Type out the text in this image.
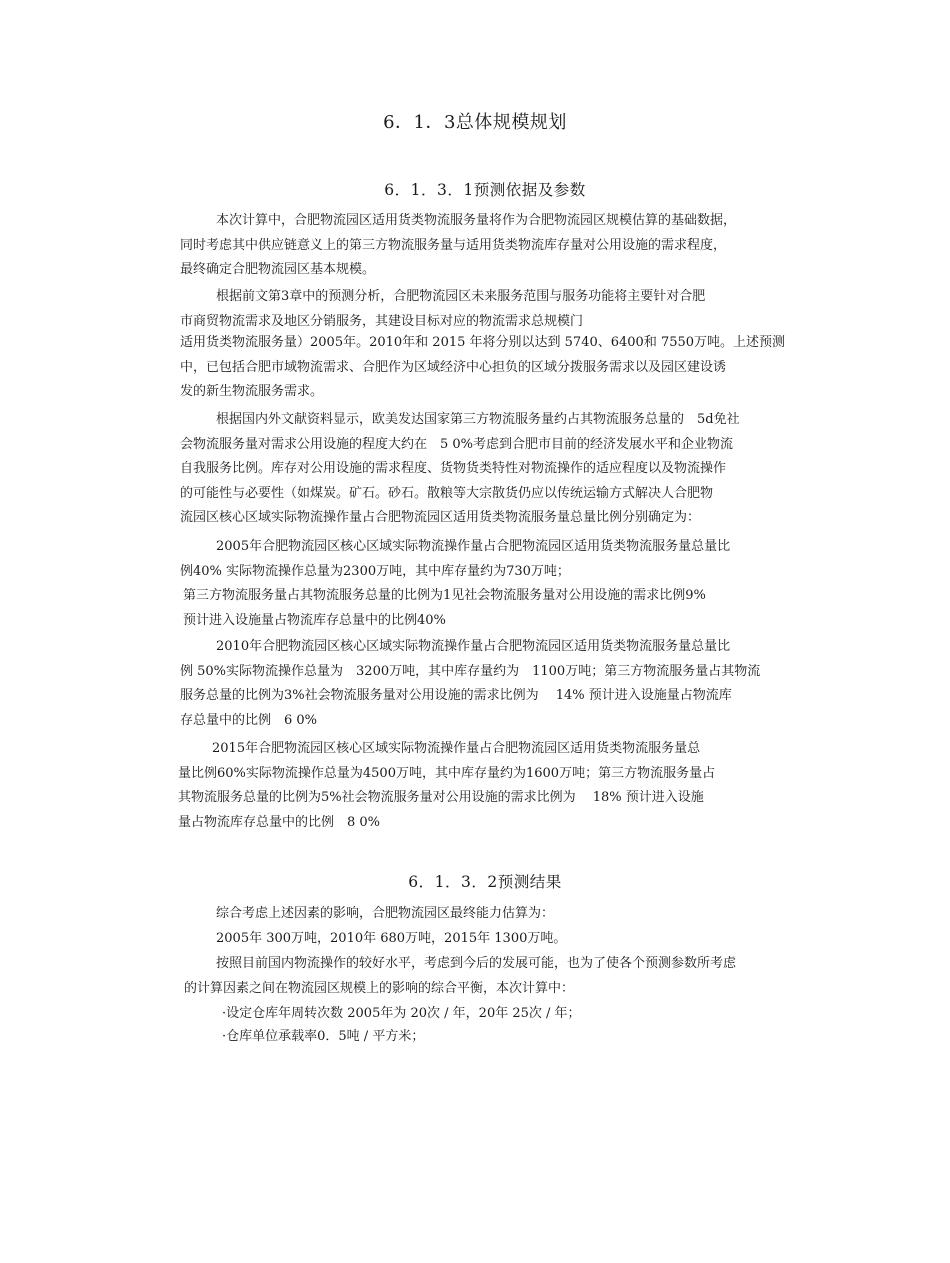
6．1．3总体规模规划
6．1．3．1预测依据及参数
本次计算中，合肥物流园区适用货类物流服务量将作为合肥物流园区规模估算的基础数据，
同时考虑其中供应链意义上的第三方物流服务量与适用货类物流库存量对公用设施的需求程度，
最终确定合肥物流园区基本规模。
根据前文第3章中的预测分析，合肥物流园区未来服务范围与服务功能将主要针对合肥
市商贸物流需求及地区分销服务，其建设目标对应的物流需求总规模门
适用货类物流服务量）2005年。2010年和 2015 年将分别以达到 5740、6400和 7550万吨。上述预测
中，已包括合肥市域物流需求、合肥作为区域经济中心担负的区域分拨服务需求以及园区建设诱
发的新生物流服务需求。
根据国内外文献资料显示，欧美发达国家第三方物流服务量约占其物流服务总量的　5d免社
会物流服务量对需求公用设施的程度大约在　5 0%考虑到合肥市目前的经济发展水平和企业物流
自我服务比例。库存对公用设施的需求程度、货物货类特性对物流操作的适应程度以及物流操作
的可能性与必要性（如煤炭。矿石。砂石。散粮等大宗散货仍应以传统运输方式解决人合肥物
流园区核心区域实际物流操作量占合肥物流园区适用货类物流服务量总量比例分别确定为：
2005年合肥物流园区核心区域实际物流操作量占合肥物流园区适用货类物流服务量总量比
例40% 实际物流操作总量为2300万吨，其中库存量约为730万吨；
第三方物流服务量占其物流服务总量的比例为1见社会物流服务量对公用设施的需求比例9%
预计进入设施量占物流库存总量中的比例40%
2010年合肥物流园区核心区域实际物流操作量占合肥物流园区适用货类物流服务量总量比
例 50%实际物流操作总量为　3200万吨，其中库存量约为　1100万吨；第三方物流服务量占其物流
服务总量的比例为3%社会物流服务量对公用设施的需求比例为　 14% 预计进入设施量占物流库
存总量中的比例　6 0%
2015年合肥物流园区核心区域实际物流操作量占合肥物流园区适用货类物流服务量总
量比例60%实际物流操作总量为4500万吨，其中库存量约为1600万吨；第三方物流服务量占
其物流服务总量的比例为5%社会物流服务量对公用设施的需求比例为　 18% 预计进入设施
量占物流库存总量中的比例　8 0%
6．1．3．2预测结果
综合考虑上述因素的影响，合肥物流园区最终能力估算为：
2005年 300万吨，2010年 680万吨，2015年 1300万吨。
按照目前国内物流操作的较好水平，考虑到今后的发展可能，也为了使各个预测参数所考虑
的计算因素之间在物流园区规模上的影响的综合平衡，本次计算中：
·设定仓库年周转次数 2005年为 20次 / 年，20年 25次 / 年；
·仓库单位承载率0．5吨 / 平方米；
